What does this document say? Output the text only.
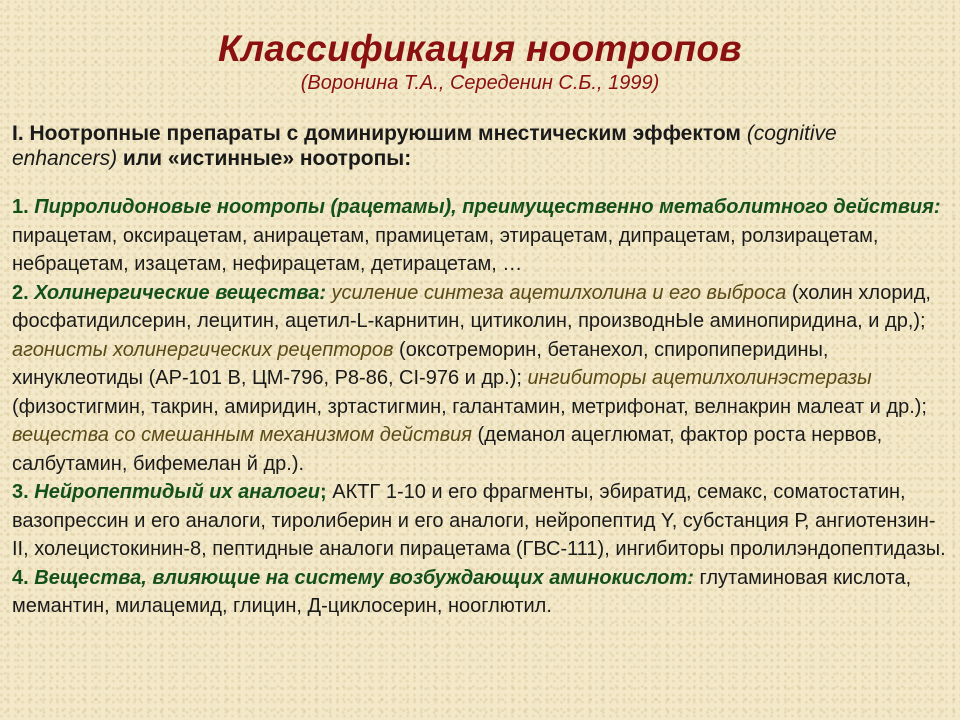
Классификация ноотропов

(Воронина Т.А., Середенин С.Б., 1999)

I. Ноотропные препараты с доминируюшим мнестическим эффектом (cognitive enhancers) или «истинные» ноотропы:

1. Пирролидоновые ноотропы (рацетамы), преимущественно метаболитного действия: пирацетам, оксирацетам, анирацетам, прамицетам, этирацетам, дипрацетам, ролзирацетам, небрацетам, изацетам, нефирацетам, детирацетам, …

2. Холинергические вещества: усиление синтеза ацетилхолина и его выброса (холин хлорид, фосфатидилсерин, лецитин, ацетил-L-карнитин, цитиколин, производнЫе аминопиридина, и др,); агонисты холинергических рецепторов (оксотреморин, бетанехол, спиропиперидины, хинуклеотиды (АР-101 В, ЦМ-796, Р8-86, СI-976 и др.); ингибиторы ацетилхолинэстеразы (физостигмин, такрин, амиридин, зртастигмин, галантамин, метрифонат, велнакрин малеат и др.); вещества со смешанным механизмом действия (деманол ацеглюмат, фактор роста нервов, салбутамин, бифемелан й др.).

3. Нейропептидый их аналоги; АКТГ 1-10 и его фрагменты, эбиратид, семакс, соматостатин, вазопрессин и его аналоги, тиролиберин и его аналоги, нейропептид Y, субстанция Р, ангиотензин-II, холецистокинин-8, пептидные аналоги пирацетама (ГВС-111), ингибиторы пролилэндопептидазы.

4. Вещества, влияющие на систему возбуждающих аминокислот: глутаминовая кислота, мемантин, милацемид, глицин, Д-циклосерин, нооглютил.
